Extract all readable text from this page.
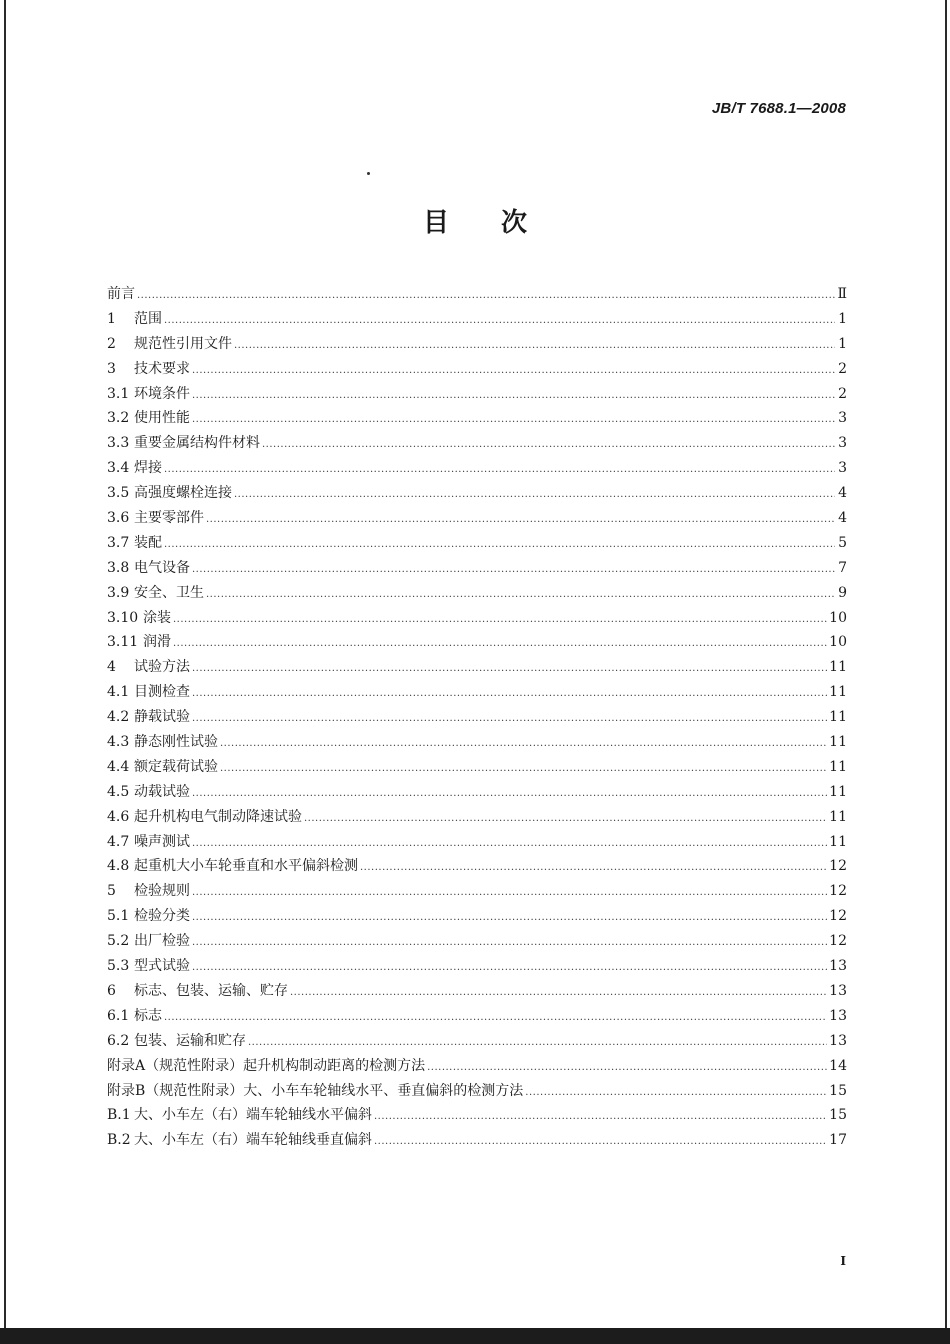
JB/T 7688.1—2008
目　　次
前言 .....	Ⅱ
1	范围 .....	1
2	规范性引用文件 .....	1
3	技术要求 .....	2
3.1 环境条件 .....	2
3.2 使用性能 .....	3
3.3 重要金属结构件材料 .....	3
3.4 焊接 .....	3
3.5 高强度螺栓连接 .....	4
3.6 主要零部件 .....	4
3.7 装配 .....	5
3.8 电气设备 .....	7
3.9 安全、卫生 .....	9
3.10 涂装 .....	10
3.11 润滑 .....	10
4	试验方法 .....	11
4.1 目测检查 .....	11
4.2 静载试验 .....	11
4.3 静态刚性试验 .....	11
4.4 额定载荷试验 .....	11
4.5 动载试验 .....	11
4.6 起升机构电气制动降速试验 .....	11
4.7 噪声测试 .....	11
4.8 起重机大小车轮垂直和水平偏斜检测 .....	12
5	检验规则 .....	12
5.1 检验分类 .....	12
5.2 出厂检验 .....	12
5.3 型式试验 .....	13
6	标志、包装、运输、贮存 .....	13
6.1 标志 .....	13
6.2 包装、运输和贮存 .....	13
附录A（规范性附录）起升机构制动距离的检测方法 .....	14
附录B（规范性附录）大、小车车轮轴线水平、垂直偏斜的检测方法 .....	15
B.1 大、小车左（右）端车轮轴线水平偏斜 .....	15
B.2 大、小车左（右）端车轮轴线垂直偏斜 .....	17
I
